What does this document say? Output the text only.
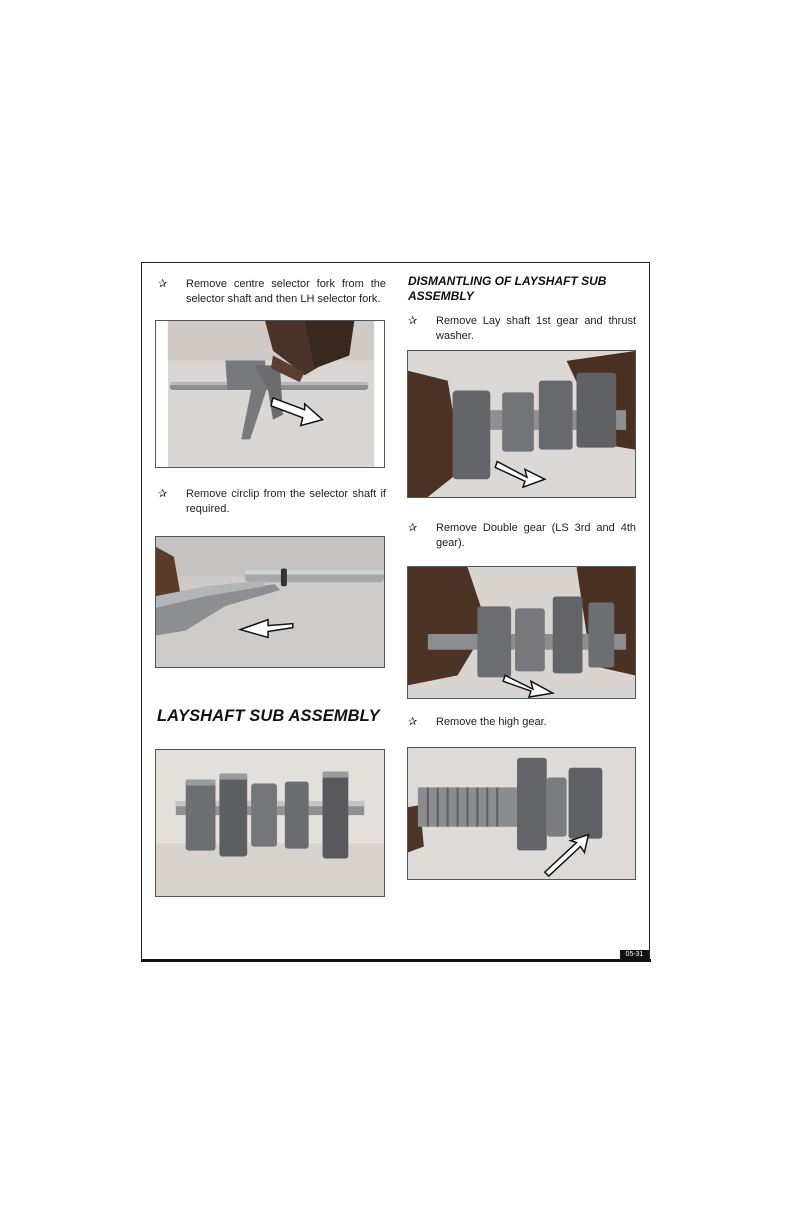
05-31
✰ Remove centre selector fork from the selector shaft and then LH selector fork.
✰ Remove circlip from the selector shaft if required.
LAYSHAFT SUB ASSEMBLY
DISMANTLING OF LAYSHAFT SUB ASSEMBLY
✰ Remove Lay shaft 1st gear and thrust washer.
✰ Remove Double gear (LS 3rd and 4th gear).
✰ Remove the high gear.
